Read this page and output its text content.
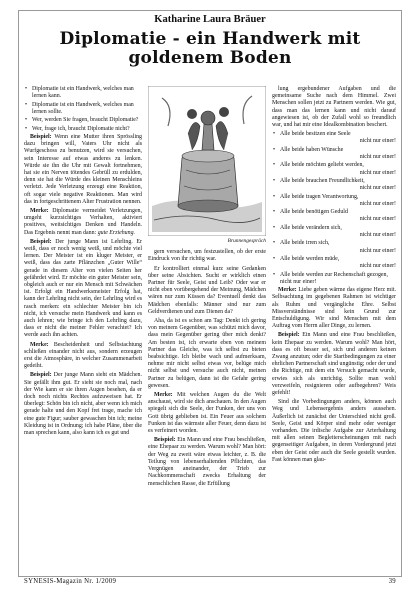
Katharine Laura Bräuer
Diplomatie - ein Handwerk mit goldenem Boden
• Diplomatie ist ein Handwerk, welches man lernen kann.
• Diplomatie ist ein Handwerk, welches man lernen sollte.
• Wer, werden Sie fragen, braucht Diplomatie?
• Wer, frage ich, braucht Diplomatie nicht?

Beispiel: Wenn eine Mutter ihren Sprössling dazu bringen will, Vaters Uhr nicht als Wurfgeschoss zu benutzen, wird sie versuchen, sein Interesse auf etwas anderes zu lenken. Würde sie ihn die Uhr mit Gewalt fortnehmen, hat sie ein Nerven tötendes Gebrüll zu erdulden, denn sie hat die Würde des kleinen Menschleins verletzt. Jede Verletzung erzeugt eine Reaktion, oft sogar viele negative Reaktionen. Man wird das in fortgeschrittenem Alter Frustration nennen.

Merke: Diplomatie vermeidet Verletzungen, umgeht kurzsichtiges Verhalten, aktiviert positives, weitsichtiges Denken und Handeln. Das Ergebnis nennt man dann: gute Erziehung.

Beispiel: Der junge Mann ist Lehrling. Er weiß, dass er noch wenig weiß, und möchte viel lernen. Der Meister ist ein kluger Meister, er weiß, dass das zarte Pflänzchen „Guter Wille“ gerade in diesem Alter von vielen Seiten her gefährdet wird. Er möchte ein guter Meister sein, obgleich auch er nur ein Mensch mit Schwächen ist. Erfolgt ein Handwerksmeister Erfolg hat, kann der Lehrling nicht sein, der Lehrling wird es rasch merken: ein schlechter Meister bin ich nicht, ich versuche mein Handwerk und kann es auch lehren; wie bringe ich den Lehrling dazu, dass er nicht die meiner Fehler verachtet? Ich werde auch ihn achten.

Merke: Bescheidenheit und Selbstachtung schließen einander nicht aus, sondern erzeugen erst die Atmosphäre, in welcher Zusammenarbeit gedeiht.

Beispiel: Der junge Mann sieht ein Mädchen. Sie gefällt ihm gut. Er sieht sie noch mal, nach der Wie kann er sie ihren Augen besehen, da er doch noch nichts Rechtes aufzuweisen hat. Er überlegt: Schön bin ich nicht, aber wenn ich mich gerade halte und den Kopf frei trage, mache ich eine gute Figur; sauber gewaschen bin ich; meine Kleidung ist in Ordnung; ich habe Pläne, über die man sprechen kann, also kann ich es gut und

Brunnengespräch

gern versuchen, um festzustellen, ob der erste Eindruck von ihr richtig war.

Er kontrolliert einmal kurz seine Gedanken über seine Absichten. Sucht er wirklich einen Partner für Seele, Geist und Leib? Oder war er nicht eben vorübergehend der Meinung, Mädchen wären nur zum Küssen da? Eventuell denkt das Mädchen ebenfalls: Männer sind nur zum Geldverdienen und zum Dienen da?

Aha, da ist es schon am Tag: Denkt ich gering von meinem Gegenüber, was schützt mich davor, dass mein Gegenüber gering über mich denkt? Am besten ist, ich erwarte eben von meinem Partner das Gleiche, was ich selbst zu bieten beabsichtige. Ich bleibe wach und aufmerksam, nehme mir nicht selbst etwas vor, belüge mich nicht selbst und versuche auch nicht, meinen Partner zu belügen, dann ist die Gefahr gering gewesen.

Merke: Mit welchen Augen du die Welt anschaust, wird sie dich anschauen. In den Augen spiegelt sich die Seele, der Funken, der uns von Gott übrig geblieben ist. Ein Feuer aus solchem Funken ist das wärmste aller Feuer, denn dazu ist es verfeinert worden.

Beispiel: Ein Mann und eine Frau beschließen, eine Ehepaar zu werden. Warum wohl? Man hört: der Weg zu zweit wäre etwas leichter, z. B. die Teilung von lebenserhaltenden Pflichten, das Vergnügen aneinander, der Trieb zur Nachkommenschaft zwecks Erhaltung der menschlichen Rasse, die Erfüllung

lung ergebundener Aufgaben und die gemeinsame Suche nach dem Himmel. Zwei Menschen sollen jetzt zu Partnern werden. Wie gut, dass man das lernen kann und nicht darauf angewiesen ist, ob der Zufall wohl so freundlich war, und hat mir eine Idealkombination beschert.

• Alle beide besitzen eine Seele
nicht nur einer!
• Alle beide haben Wünsche
nicht nur einer!
• Alle beide möchten geliebt werden,
nicht nur einer!
• Alle beide brauchen Freundlichkeit,
nicht nur einer!
• Alle beide tragen Verantwortung,
nicht nur einer!
• Alle beide benötigen Geduld
nicht nur einer!
• Alle beide verändern sich,
nicht nur einer!
• Alle beide irren sich,
nicht nur einer!
• Alle beide werden müde,
nicht nur einer!
• Alle beide werden zur Rechenschaft gezogen, nicht nur einer!

Merke: Liebe geben wärme das eigene Herz mit. Selbsachtung im gegebenen Rahmen ist wichtiger als Ruhm und vergängliche Ehre. Selbst Missverständnisse sind kein Grund zur Entschuldigung. Wir sind Menschen mit dem Auftrag vom Herrn aller Dinge, zu lernen.

Beispiel: Ein Mann und eine Frau beschließen, kein Ehepaar zu werden. Warum wohl? Man hört, dass es oft besser sei, sich und anderen keinen Zwang anzutun; oder die Startbedingungen zu einer ehrlichen Partnerschaft sind ungünstig; oder der und die Richtige, mit dem ein Versuch gemacht wurde, erwies sich als unrichtig. Sollte man wohl verzweifeln, resignieren oder aufbegehren? Weis gefehlt!

Sind die Vorbedingungen anders, können auch Weg und Lebensergebnis anders aussehen. Äußerlich ist zunächst der Unterschied nicht groß. Seele, Geist und Körper sind mehr oder weniger vorhanden. Die irdische Aufgabe zur Arterhaltung mit allen seinen Begleiterscheinungen mit nach gegenseitiger Aufgaben, in deren Vordergrund jetzt eben der Geist oder auch die Seele gestellt wurden. Fast können man glau-

SYNESIS-Magazin Nr. 1/2009	39
